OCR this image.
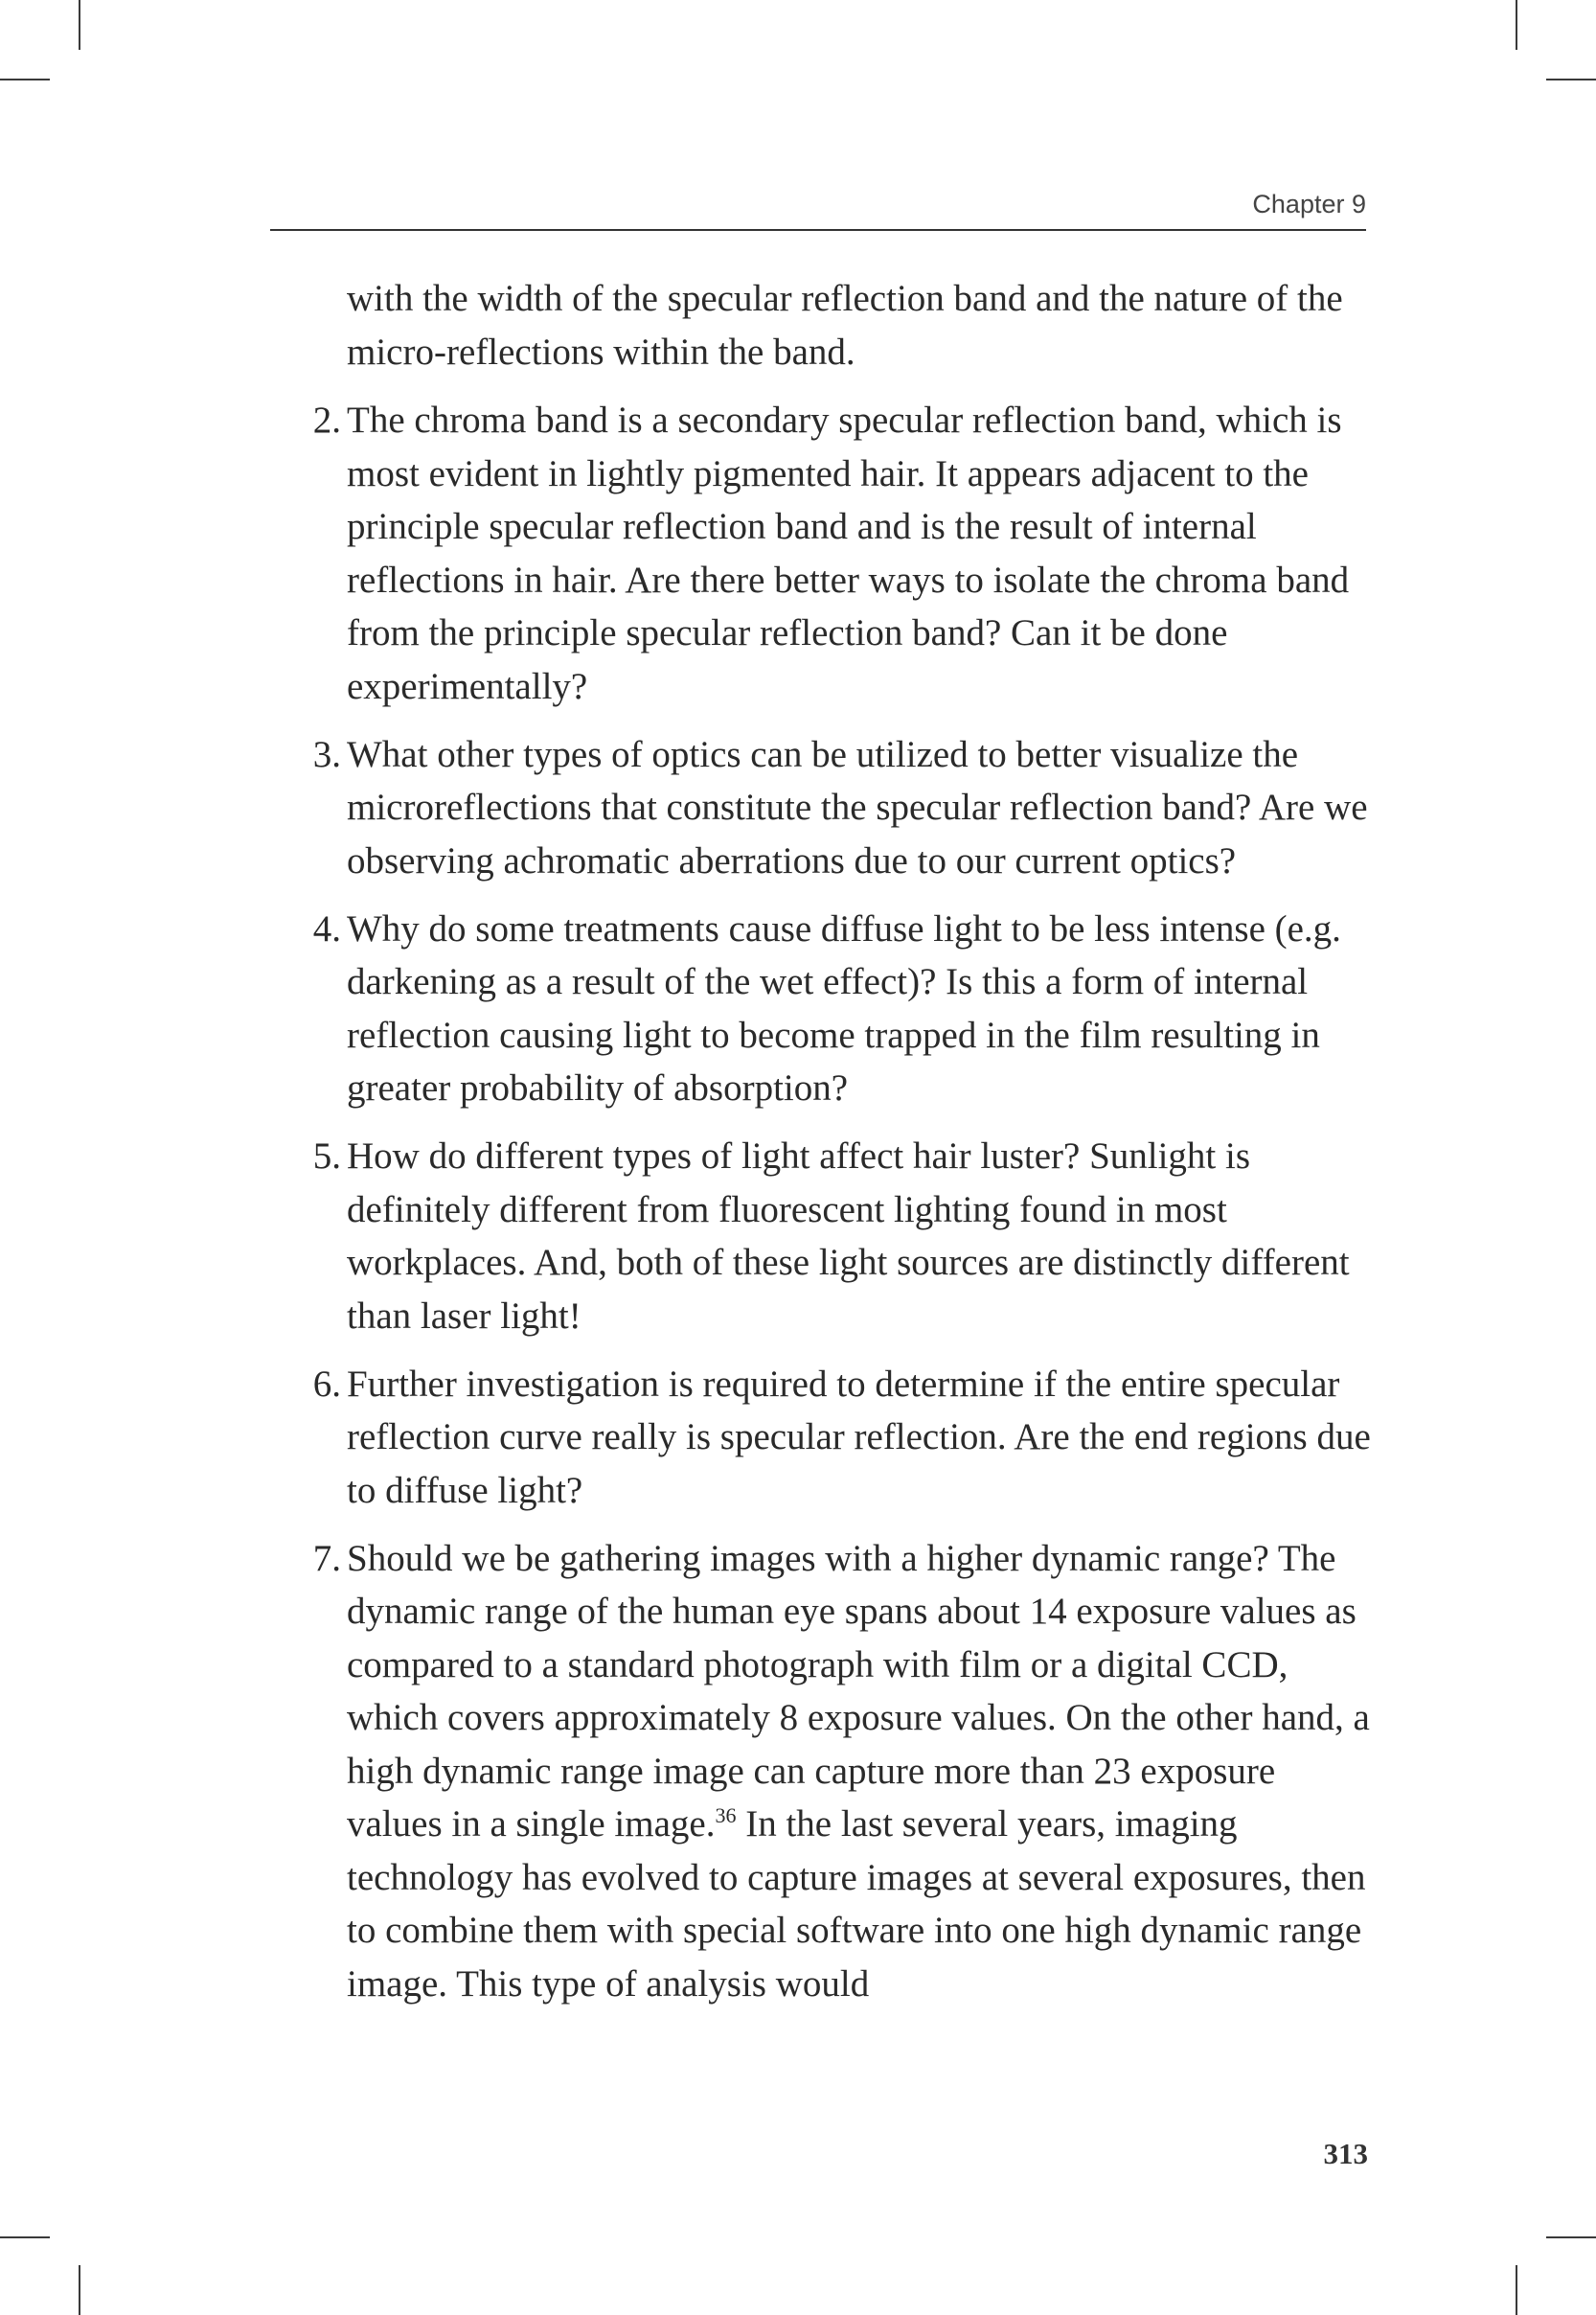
Chapter 9

with the width of the specular reflection band and the nature of the micro-reflections within the band.

2. The chroma band is a secondary specular reflection band, which is most evident in lightly pigmented hair. It appears adjacent to the principle specular reflection band and is the result of internal reflections in hair. Are there better ways to isolate the chroma band from the principle specular reflection band? Can it be done experimentally?
3. What other types of optics can be utilized to better visualize the microreflections that constitute the specular reflection band? Are we observing achromatic aberrations due to our current optics?
4. Why do some treatments cause diffuse light to be less intense (e.g. darkening as a result of the wet effect)? Is this a form of internal reflection causing light to become trapped in the film resulting in greater probability of absorption?
5. How do different types of light affect hair luster? Sunlight is definitely different from fluorescent lighting found in most workplaces. And, both of these light sources are distinctly different than laser light!
6. Further investigation is required to determine if the entire specular reflection curve really is specular reflection. Are the end regions due to diffuse light?
7. Should we be gathering images with a higher dynamic range? The dynamic range of the human eye spans about 14 exposure values as compared to a standard photograph with film or a digital CCD, which covers approximately 8 exposure values. On the other hand, a high dynamic range image can capture more than 23 exposure values in a single image.$^{36}$ In the last several years, imaging technology has evolved to capture images at several exposures, then to combine them with special software into one high dynamic range image. This type of analysis would
313
